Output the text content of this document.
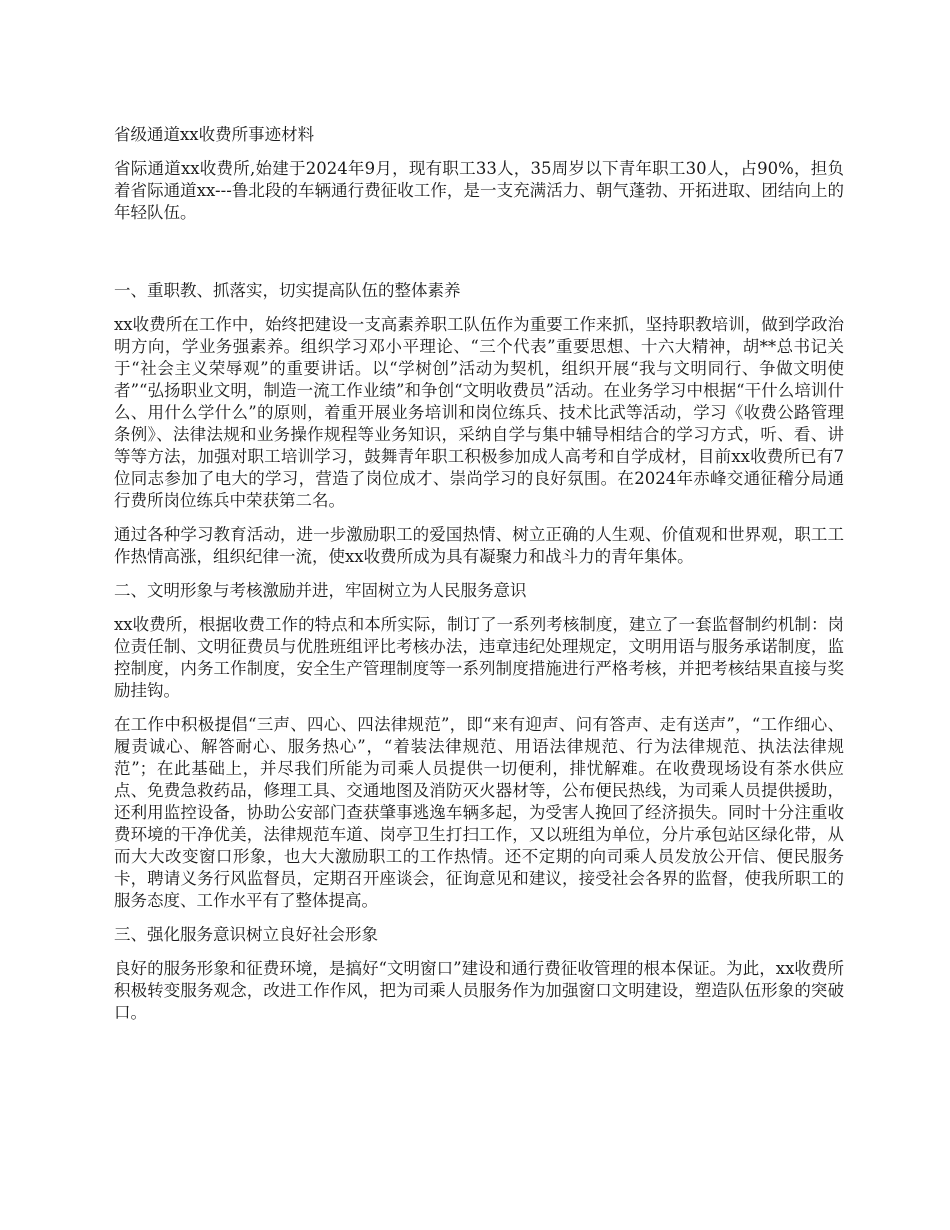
省级通道xx收费所事迹材料

省际通道xx收费所,始建于2024年9月，现有职工33人，35周岁以下青年职工30人，占90%，担负着省际通道xx---鲁北段的车辆通行费征收工作，是一支充满活力、朝气蓬勃、开拓进取、团结向上的年轻队伍。

一、重职教、抓落实，切实提高队伍的整体素养

xx收费所在工作中，始终把建设一支高素养职工队伍作为重要工作来抓，坚持职教培训，做到学政治明方向，学业务强素养。组织学习邓小平理论、“三个代表”重要思想、十六大精神，胡**总书记关于“社会主义荣辱观”的重要讲话。以“学树创”活动为契机，组织开展“我与文明同行、争做文明使者”“弘扬职业文明，制造一流工作业绩”和争创“文明收费员”活动。在业务学习中根据“干什么培训什么、用什么学什么”的原则，着重开展业务培训和岗位练兵、技术比武等活动，学习《收费公路管理条例》、法律法规和业务操作规程等业务知识，采纳自学与集中辅导相结合的学习方式，听、看、讲等等方法，加强对职工培训学习，鼓舞青年职工积极参加成人高考和自学成材，目前xx收费所已有7位同志参加了电大的学习，营造了岗位成才、崇尚学习的良好氛围。在2024年赤峰交通征稽分局通行费所岗位练兵中荣获第二名。

通过各种学习教育活动，进一步激励职工的爱国热情、树立正确的人生观、价值观和世界观，职工工作热情高涨，组织纪律一流，使xx收费所成为具有凝聚力和战斗力的青年集体。

二、文明形象与考核激励并进，牢固树立为人民服务意识

xx收费所，根据收费工作的特点和本所实际，制订了一系列考核制度，建立了一套监督制约机制：岗位责任制、文明征费员与优胜班组评比考核办法，违章违纪处理规定，文明用语与服务承诺制度，监控制度，内务工作制度，安全生产管理制度等一系列制度措施进行严格考核，并把考核结果直接与奖励挂钩。

在工作中积极提倡“三声、四心、四法律规范”，即“来有迎声、问有答声、走有送声”，“工作细心、履责诚心、解答耐心、服务热心”，“着装法律规范、用语法律规范、行为法律规范、执法法律规范”；在此基础上，并尽我们所能为司乘人员提供一切便利，排忧解难。在收费现场设有茶水供应点、免费急救药品，修理工具、交通地图及消防灭火器材等，公布便民热线，为司乘人员提供援助，还利用监控设备，协助公安部门查获肇事逃逸车辆多起，为受害人挽回了经济损失。同时十分注重收费环境的干净优美，法律规范车道、岗亭卫生打扫工作，又以班组为单位，分片承包站区绿化带，从而大大改变窗口形象，也大大激励职工的工作热情。还不定期的向司乘人员发放公开信、便民服务卡，聘请义务行风监督员，定期召开座谈会，征询意见和建议，接受社会各界的监督，使我所职工的服务态度、工作水平有了整体提高。

三、强化服务意识树立良好社会形象

良好的服务形象和征费环境，是搞好“文明窗口”建设和通行费征收管理的根本保证。为此，xx收费所积极转变服务观念，改进工作作风，把为司乘人员服务作为加强窗口文明建设，塑造队伍形象的突破口。
